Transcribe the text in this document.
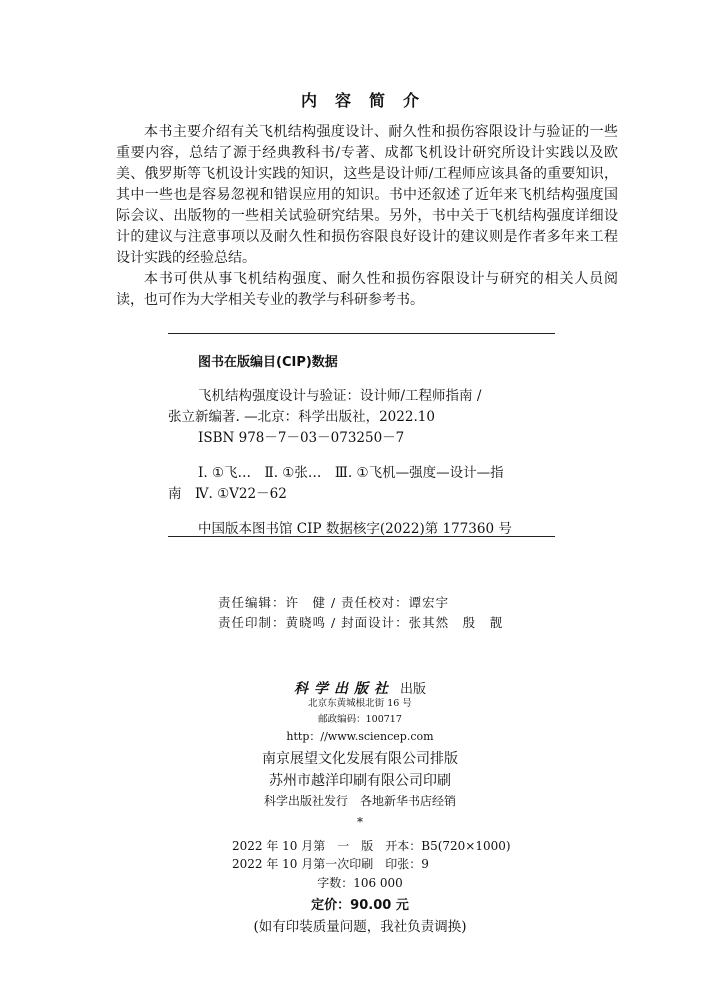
内容简介

本书主要介绍有关飞机结构强度设计、耐久性和损伤容限设计与验证的一些重要内容，总结了源于经典教科书/专著、成都飞机设计研究所设计实践以及欧美、俄罗斯等飞机设计实践的知识，这些是设计师/工程师应该具备的重要知识，其中一些也是容易忽视和错误应用的知识。书中还叙述了近年来飞机结构强度国际会议、出版物的一些相关试验研究结果。另外，书中关于飞机结构强度详细设计的建议与注意事项以及耐久性和损伤容限良好设计的建议则是作者多年来工程设计实践的经验总结。

本书可供从事飞机结构强度、耐久性和损伤容限设计与研究的相关人员阅读，也可作为大学相关专业的教学与科研参考书。

图书在版编目(CIP)数据
飞机结构强度设计与验证：设计师/工程师指南 /
张立新编著. —北京：科学出版社，2022.10
ISBN 978－7－03－073250－7
Ⅰ. ①飞…　Ⅱ. ①张…　Ⅲ. ①飞机—强度—设计—指
南　Ⅳ. ①V22－62
中国版本图书馆 CIP 数据核字(2022)第 177360 号
责任编辑：许　健 / 责任校对：谭宏宇
责任印制：黄晓鸣 / 封面设计：张其然　殷　靓
科学出版社 出版
北京东黄城根北街 16 号
邮政编码：100717
http：//www.sciencep.com
南京展望文化发展有限公司排版
苏州市越洋印刷有限公司印刷
科学出版社发行　各地新华书店经销
*
2022 年 10 月第　一　版　开本：B5(720×1000)
2022 年 10 月第一次印刷　印张：9
字数：106 000
定价：90.00 元
(如有印装质量问题，我社负责调换)
